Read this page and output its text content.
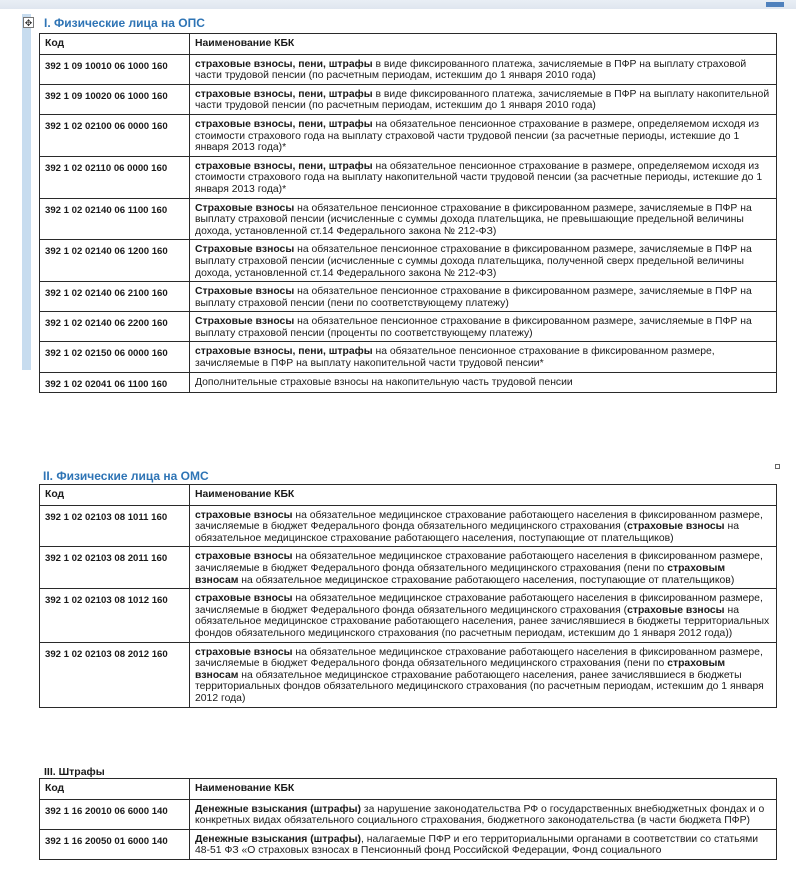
✥ I. Физические лица на ОПС
Код	Наименование КБК
392 1 09 10010 06 1000 160	страховые взносы, пени, штрафы в виде фиксированного платежа, зачисляемые в ПФР на выплату страховой части трудовой пенсии (по расчетным периодам, истекшим до 1 января 2010 года)
392 1 09 10020 06 1000 160	страховые взносы, пени, штрафы в виде фиксированного платежа, зачисляемые в ПФР на выплату накопительной части трудовой пенсии (по расчетным периодам, истекшим до 1 января 2010 года)
392 1 02 02100 06 0000 160	страховые взносы, пени, штрафы на обязательное пенсионное страхование в размере, определяемом исходя из стоимости страхового года на выплату страховой части трудовой пенсии (за расчетные периоды, истекшие до 1 января 2013 года)*
392 1 02 02110 06 0000 160	страховые взносы, пени, штрафы на обязательное пенсионное страхование в размере, определяемом исходя из стоимости страхового года на выплату накопительной части трудовой пенсии (за расчетные периоды, истекшие до 1 января 2013 года)*
392 1 02 02140 06 1100 160	Страховые взносы на обязательное пенсионное страхование в фиксированном размере, зачисляемые в ПФР на выплату страховой пенсии (исчисленные с суммы дохода плательщика, не превышающие предельной величины дохода, установленной ст.14 Федерального закона № 212-ФЗ)
392 1 02 02140 06 1200 160	Страховые взносы на обязательное пенсионное страхование в фиксированном размере, зачисляемые в ПФР на выплату страховой пенсии (исчисленные с суммы дохода плательщика, полученной сверх предельной величины дохода, установленной ст.14 Федерального закона № 212-ФЗ)
392 1 02 02140 06 2100 160	Страховые взносы на обязательное пенсионное страхование в фиксированном размере, зачисляемые в ПФР на выплату страховой пенсии (пени по соответствующему платежу)
392 1 02 02140 06 2200 160	Страховые взносы на обязательное пенсионное страхование в фиксированном размере, зачисляемые в ПФР на выплату страховой пенсии (проценты по соответствующему платежу)
392 1 02 02150 06 0000 160	страховые взносы, пени, штрафы на обязательное пенсионное страхование в фиксированном размере, зачисляемые в ПФР на выплату накопительной части трудовой пенсии*
392 1 02 02041 06 1100 160	Дополнительные страховые взносы на накопительную часть трудовой пенсии
II. Физические лица на ОМС
Код	Наименование КБК
392 1 02 02103 08 1011 160	страховые взносы на обязательное медицинское страхование работающего населения в фиксированном размере, зачисляемые в бюджет Федерального фонда обязательного медицинского страхования (страховые взносы на обязательное медицинское страхование работающего населения, поступающие от плательщиков)
392 1 02 02103 08 2011 160	страховые взносы на обязательное медицинское страхование работающего населения в фиксированном размере, зачисляемые в бюджет Федерального фонда обязательного медицинского страхования (пени по страховым взносам на обязательное медицинское страхование работающего населения, поступающие от плательщиков)
392 1 02 02103 08 1012 160	страховые взносы на обязательное медицинское страхование работающего населения в фиксированном размере, зачисляемые в бюджет Федерального фонда обязательного медицинского страхования (страховые взносы на обязательное медицинское страхование работающего населения, ранее зачислявшиеся в бюджеты территориальных фондов обязательного медицинского страхования (по расчетным периодам, истекшим до 1 января 2012 года))
392 1 02 02103 08 2012 160	страховые взносы на обязательное медицинское страхование работающего населения в фиксированном размере, зачисляемые в бюджет Федерального фонда обязательного медицинского страхования (пени по страховым взносам на обязательное медицинское страхование работающего населения, ранее зачислявшиеся в бюджеты территориальных фондов обязательного медицинского страхования (по расчетным периодам, истекшим до 1 января 2012 года)
III. Штрафы
Код	Наименование КБК
392 1 16 20010 06 6000 140	Денежные взыскания (штрафы) за нарушение законодательства РФ о государственных внебюджетных фондах и о конкретных видах обязательного социального страхования, бюджетного законодательства (в части бюджета ПФР)
392 1 16 20050 01 6000 140	Денежные взыскания (штрафы), налагаемые ПФР и его территориальными органами в соответствии со статьями 48-51 ФЗ «О страховых взносах в Пенсионный фонд Российской Федерации, Фонд социального
